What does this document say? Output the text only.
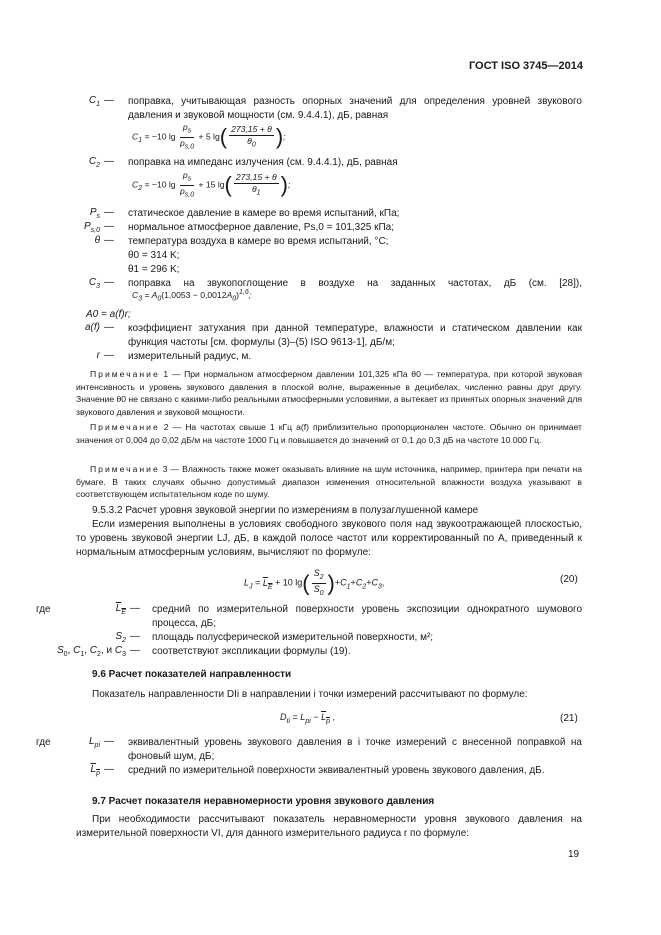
ГОСТ ISO 3745—2014
$C_1$ — поправка, учитывающая разность опорных значений для определения уровней звукового давления и звуковой мощности (см. 9.4.4.1), дБ, равная
$C_1 = -10$ $\lg \frac{p_s}{p_{s,0}} + 5$ $\lg( \frac{273,15 + \theta}{\theta_0}$ );
$C_2$ — поправка на импеданс излучения (см. 9.4.4.1), дБ, равная
$C_2 = -10$ $\lg \frac{p_s}{p_{s,0}} + 15$ $\lg( \frac{273,15 + \theta}{\theta_1}$ );
$P_s$ — статическое давление в камере во время испытаний, кПа;
$P_{s,0}$ — нормальное атмосферное давление, Ps,0 = 101,325 кПа;
θ — температура воздуха в камере во время испытаний, °С;
θ0 = 314 K;
θ1 = 296 K;
$C_3$ — поправка на звукопоглощение в воздухе на заданных частотах, дБ (см. [28]),
$C_3 = A_0(1,0053 - 0,0012A_0)^{1,6}$;
A0 = a(f)r;
a(f) — коэффициент затухания при данной температуре, влажности и статическом давлении как функция частоты [см. формулы (3)–(5) ISO 9613-1], дБ/м;
r — измерительный радиус, м.
Примечание 1 — При нормальном атмосферном давлении 101,325 кПа θ0 — температура, при которой звуковая интенсивность и уровень звукового давления в плоской волне, выраженные в децибелах, численно равны друг другу. Значение θ0 не связано с какими-либо реальными атмосферными условиями, а вытекает из принятых опорных значений для звукового давления и звуковой мощности.
Примечание 2 — На частотах свыше 1 кГц a(f) приблизительно пропорционален частоте. Обычно он принимает значения от 0,004 до 0,02 дБ/м на частоте 1000 Гц и повышается до значений от 0,1 до 0,3 дБ на частоте 10 000 Гц.
Примечание 3 — Влажность также может оказывать влияние на шум источника, например, принтера при печати на бумаге. В таких случаях обычно допустимый диапазон изменения относительной влажности воздуха указывают в соответствующем испытательном коде по шуму.
9.5.3.2 Расчет уровня звуковой энергии по измерениям в полузаглушенной камере
Если измерения выполнены в условиях свободного звукового поля над звукоотражающей плоскостью, то уровень звуковой энергии LJ, дБ, в каждой полосе частот или корректированный по A, приведенный к нормальным атмосферным условиям, вычисляют по формуле:
$L_J = L_E + 10$ $\lg( \frac{S_2}{S_0} )+C_1+C_2+C_3$,	(20)
где	$L_E$ — средний по измерительной поверхности уровень экспозиции однократного шумового процесса, дБ;
$S_2$ — площадь полусферической измерительной поверхности, м²;
$S_0$, $C_1$, $C_2$, и $C_3$ — соответствуют экспликации формулы (19).
9.6 Расчет показателей направленности
Показатель направленности DIi в направлении i точки измерений рассчитывают по формуле:
$D_{Ii} = L_{pi} - L_p$ ,	(21)
где	$L_{pi}$ — эквивалентный уровень звукового давления в i точке измерений с внесенной поправкой на фоновый шум, дБ;
$L_p$ — средний по измерительной поверхности эквивалентный уровень звукового давления, дБ.
9.7 Расчет показателя неравномерности уровня звукового давления
При необходимости рассчитывают показатель неравномерности уровня звукового давления на измерительной поверхности VI, для данного измерительного радиуса r по формуле:
19
